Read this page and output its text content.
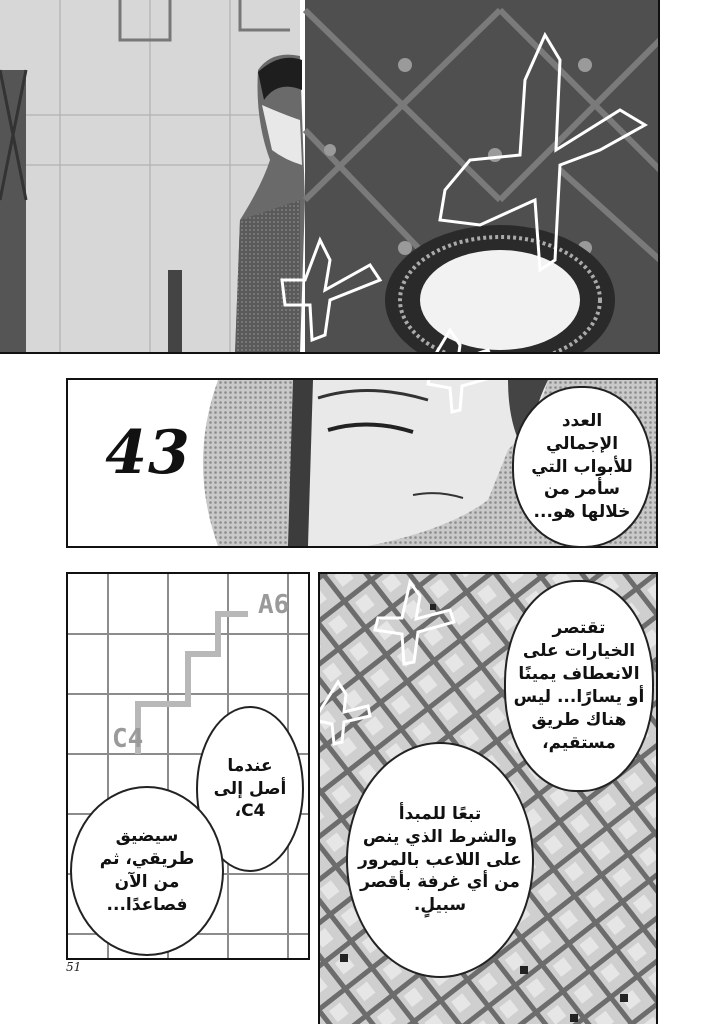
43	العدد
الإجمالي
للأبواب التي
سأمر من
خلالها هو...
A6
C4
عندما
أصل إلى
C4،
سيضيق
طريقي، ثم
من الآن
فصاعدًا...
51
تقتصر
الخيارات على
الانعطاف يمينًا
أو يسارًا... ليس
هناك طريق
مستقيم،
تبعًا للمبدأ
والشرط الذي ينص
على اللاعب بالمرور
من أي غرفة بأقصر
سبيلٍ.
